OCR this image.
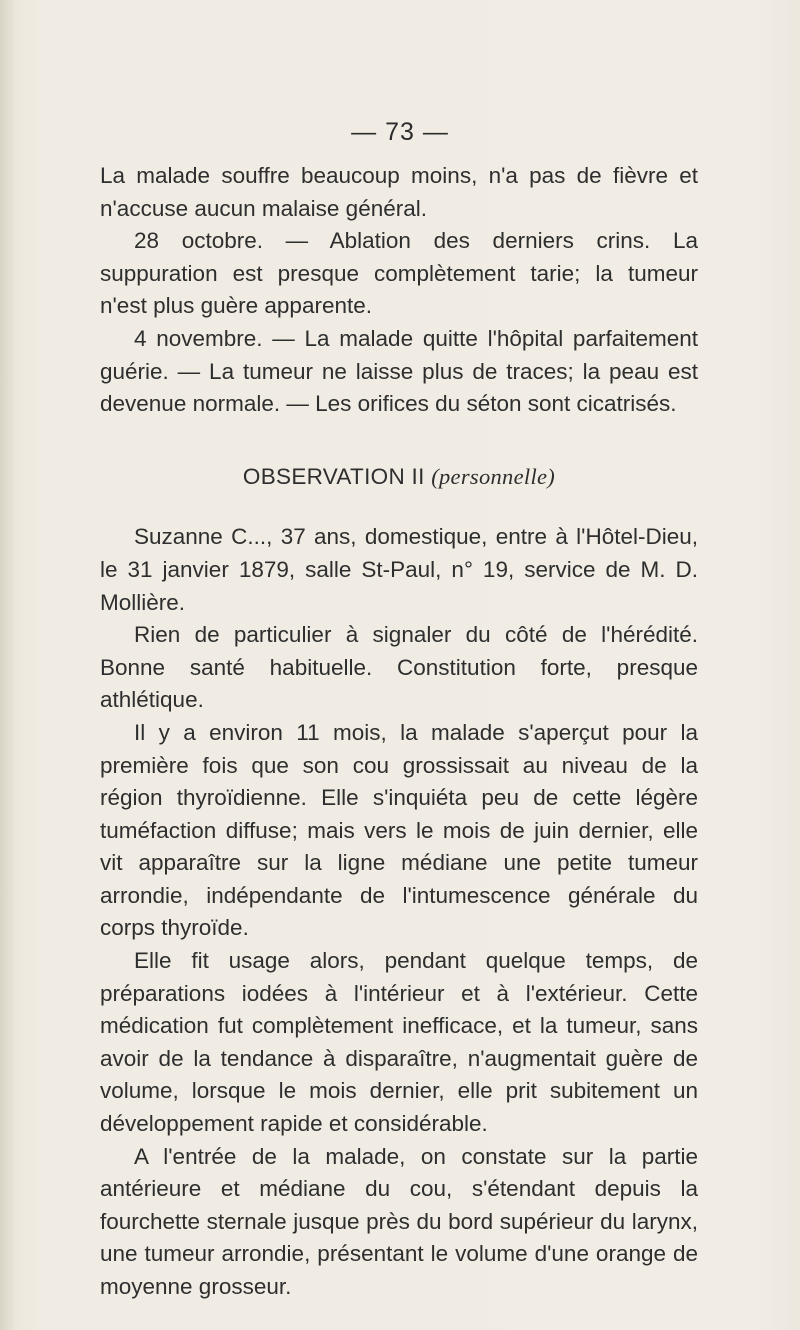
— 73 —

La malade souffre beaucoup moins, n'a pas de fièvre et n'accuse aucun malaise général.

28 octobre. — Ablation des derniers crins. La suppuration est presque complètement tarie; la tumeur n'est plus guère apparente.

4 novembre. — La malade quitte l'hôpital parfaitement guérie. — La tumeur ne laisse plus de traces; la peau est devenue normale. — Les orifices du séton sont cicatrisés.

OBSERVATION II (personnelle)

Suzanne C..., 37 ans, domestique, entre à l'Hôtel-Dieu, le 31 janvier 1879, salle St-Paul, n° 19, service de M. D. Mollière.

Rien de particulier à signaler du côté de l'hérédité. Bonne santé habituelle. Constitution forte, presque athlétique.

Il y a environ 11 mois, la malade s'aperçut pour la première fois que son cou grossissait au niveau de la région thyroïdienne. Elle s'inquiéta peu de cette légère tuméfaction diffuse; mais vers le mois de juin dernier, elle vit apparaître sur la ligne médiane une petite tumeur arrondie, indépendante de l'intumescence générale du corps thyroïde.

Elle fit usage alors, pendant quelque temps, de préparations iodées à l'intérieur et à l'extérieur. Cette médication fut complètement inefficace, et la tumeur, sans avoir de la tendance à disparaître, n'augmentait guère de volume, lorsque le mois dernier, elle prit subitement un développement rapide et considérable.

A l'entrée de la malade, on constate sur la partie antérieure et médiane du cou, s'étendant depuis la fourchette sternale jusque près du bord supérieur du larynx, une tumeur arrondie, présentant le volume d'une orange de moyenne grosseur.
